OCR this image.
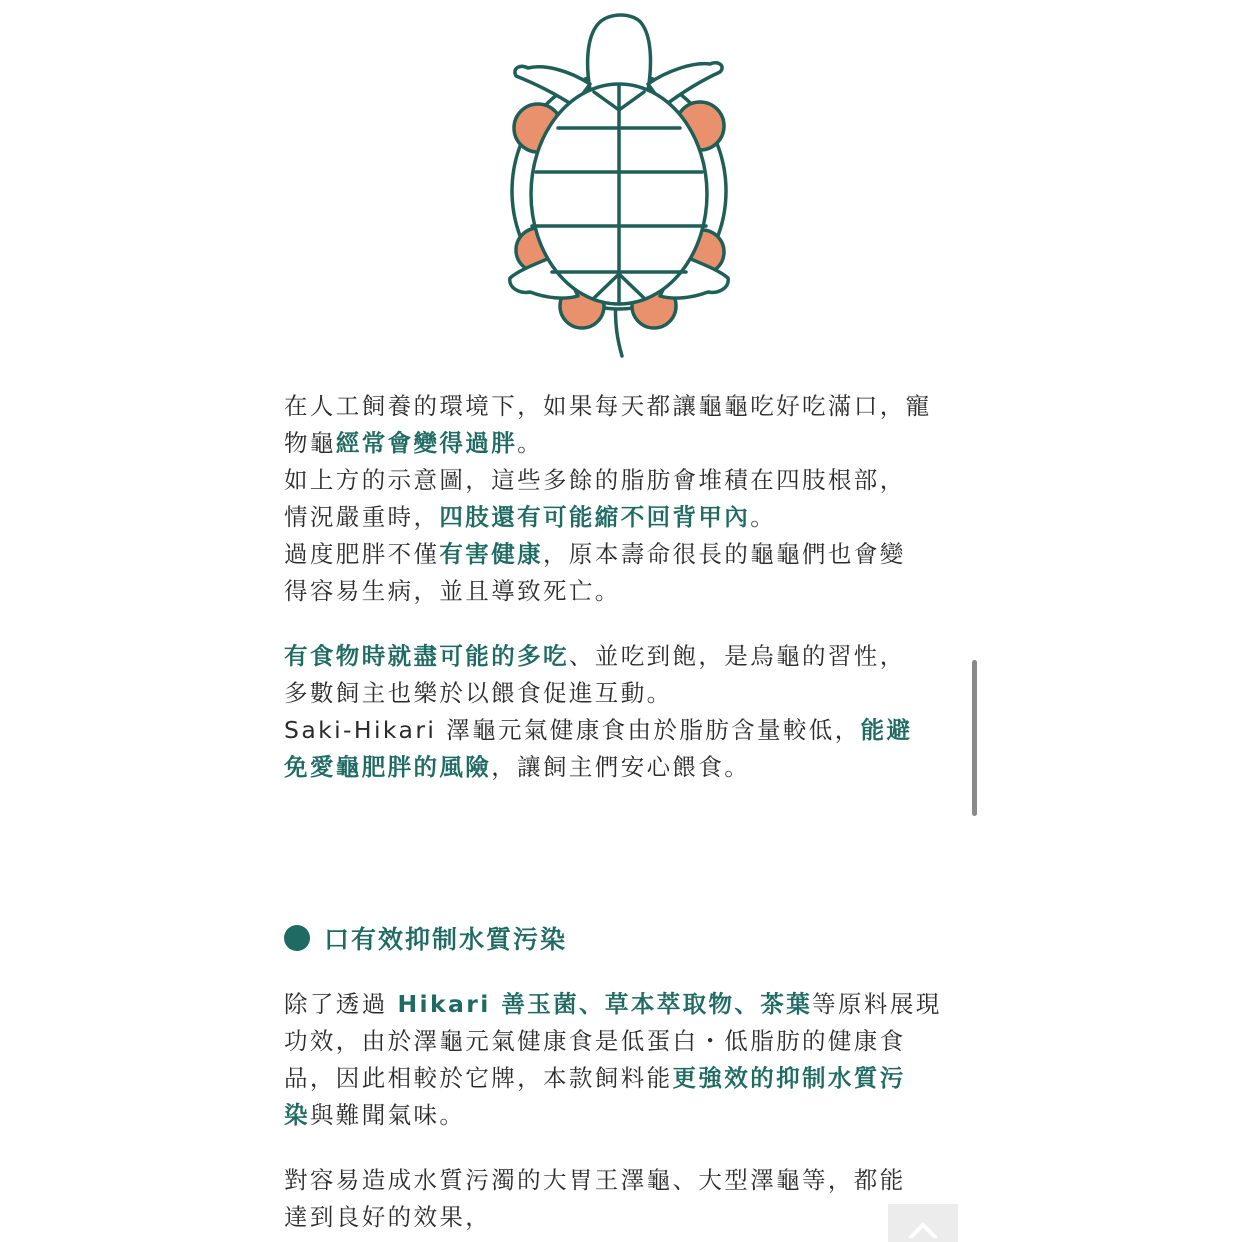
在人工飼養的環境下，如果每天都讓龜龜吃好吃滿口，寵
物龜經常會變得過胖。
如上方的示意圖，這些多餘的脂肪會堆積在四肢根部，
情況嚴重時，四肢還有可能縮不回背甲內。
過度肥胖不僅有害健康，原本壽命很長的龜龜們也會變
得容易生病，並且導致死亡。

有食物時就盡可能的多吃、並吃到飽，是烏龜的習性，
多數飼主也樂於以餵食促進互動。
Saki-Hikari 澤龜元氣健康食由於脂肪含量較低，能避
免愛龜肥胖的風險，讓飼主們安心餵食。

口有效抑制水質污染

除了透過 Hikari 善玉菌、草本萃取物、茶葉等原料展現
功效，由於澤龜元氣健康食是低蛋白・低脂肪的健康食
品，因此相較於它牌，本款飼料能更強效的抑制水質污
染與難聞氣味。

對容易造成水質污濁的大胃王澤龜、大型澤龜等，都能
達到良好的效果，
